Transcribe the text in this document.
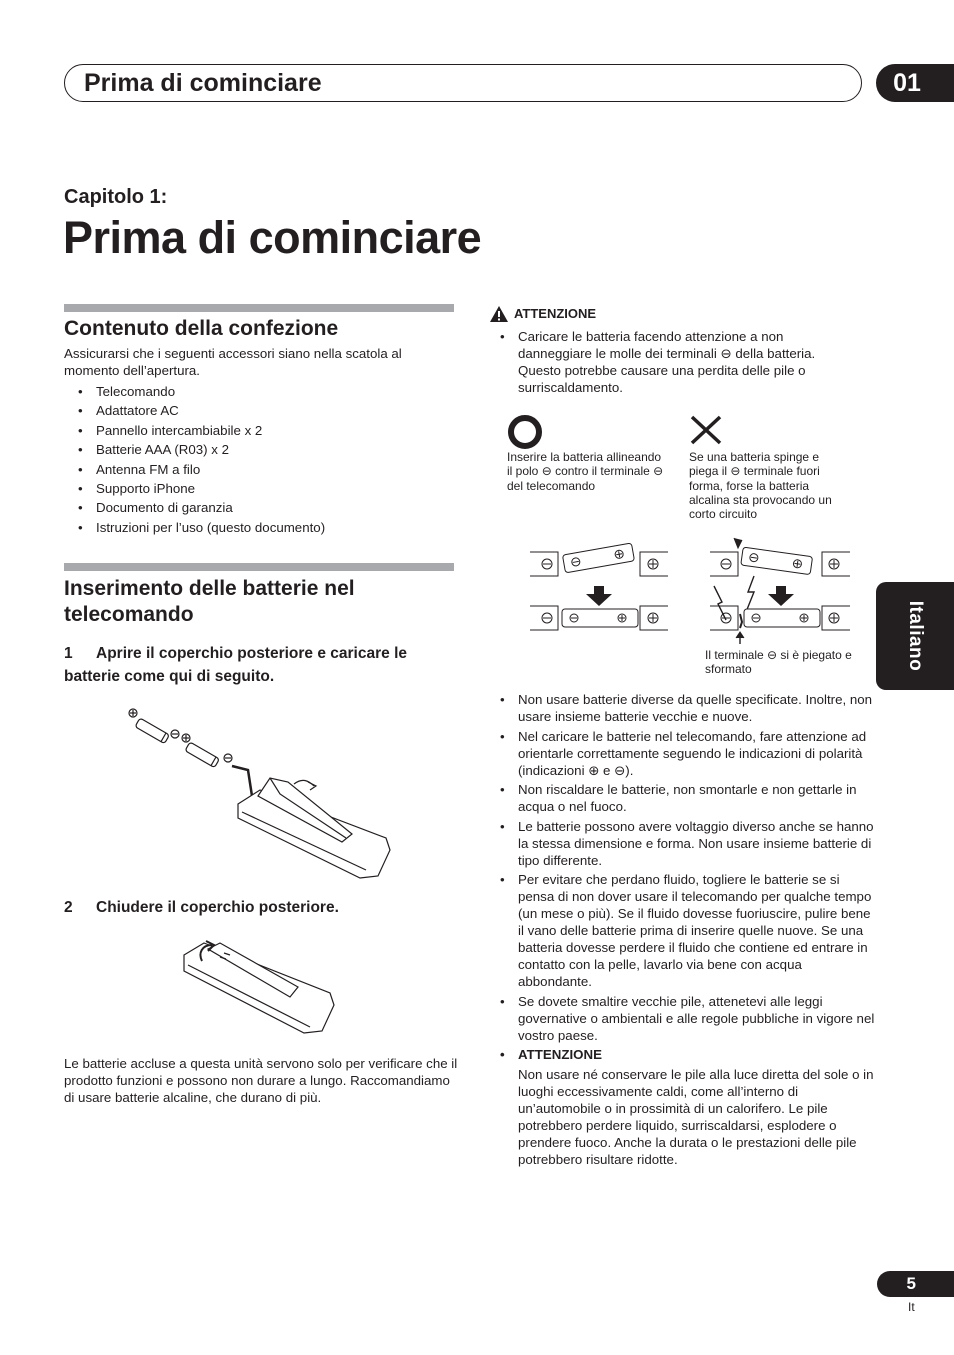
Prima di cominciare	01
Capitolo 1:
Prima di cominciare
Contenuto della confezione
Assicurarsi che i seguenti accessori siano nella scatola al momento dell’apertura.
• Telecomando
• Adattatore AC
• Pannello intercambiabile x 2
• Batterie AAA (R03) x 2
• Antenna FM a filo
• Supporto iPhone
• Documento di garanzia
• Istruzioni per l’uso (questo documento)
Inserimento delle batterie nel
telecomando
1 Aprire il coperchio posteriore e caricare le
batterie come qui di seguito.
2 Chiudere il coperchio posteriore.
Le batterie accluse a questa unità servono solo per verificare che il prodotto funzioni e possono non durare a lungo. Raccomandiamo di usare batterie alcaline, che durano di più.
ATTENZIONE
• Caricare le batteria facendo attenzione a non danneggiare le molle dei terminali ⊖ della batteria. Questo potrebbe causare una perdita delle pile o surriscaldamento.
Inserire la batteria allineando il polo ⊖ contro il terminale ⊖ del telecomando
Se una batteria spinge e piega il ⊖ terminale fuori forma, forse la batteria alcalina sta provocando un corto circuito
Il terminale ⊖ si è piegato e sformato
• Non usare batterie diverse da quelle specificate. Inoltre, non usare insieme batterie vecchie e nuove.
• Nel caricare le batterie nel telecomando, fare attenzione ad orientarle correttamente seguendo le indicazioni di polarità (indicazioni ⊕ e ⊖).
• Non riscaldare le batterie, non smontarle e non gettarle in acqua o nel fuoco.
• Le batterie possono avere voltaggio diverso anche se hanno la stessa dimensione e forma. Non usare insieme batterie di tipo differente.
• Per evitare che perdano fluido, togliere le batterie se si pensa di non dover usare il telecomando per qualche tempo (un mese o più). Se il fluido dovesse fuoriuscire, pulire bene il vano delle batterie prima di inserire quelle nuove. Se una batteria dovesse perdere il fluido che contiene ed entrare in contatto con la pelle, lavarlo via bene con acqua abbondante.
• Se dovete smaltire vecchie pile, attenetevi alle leggi governative o ambientali e alle regole pubbliche in vigore nel vostro paese.
• ATTENZIONE
Non usare né conservare le pile alla luce diretta del sole o in luoghi eccessivamente caldi, come all’interno di un’automobile o in prossimità di un calorifero. Le pile potrebbero perdere liquido, surriscaldarsi, esplodere o prendere fuoco. Anche la durata o le prestazioni delle pile potrebbero risultare ridotte.
Italiano
5
It
